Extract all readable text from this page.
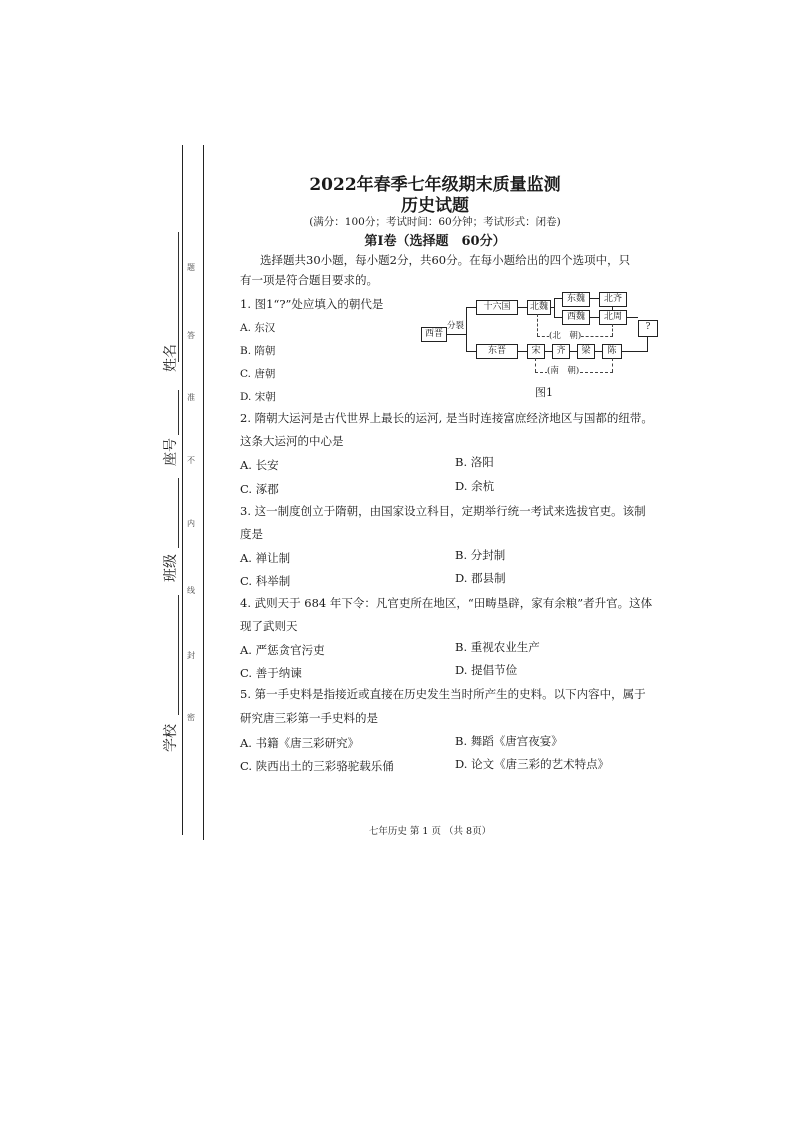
姓名
座号
班级
学校
题
答
准
不
内
线
封
密
2022年春季七年级期末质量监测
历史试题
(满分：100分；考试时间：60分钟；考试形式：闭卷)
第Ⅰ卷（选择题　60分）
选择题共30小题，每小题2分，共60分。在每小题给出的四个选项中，只
有一项是符合题目要求的。
1. 图1“?”处应填入的朝代是
A. 东汉
B. 隋朝
C. 唐朝
D. 宋朝
西晋
分裂
十六国	北魏
东魏
西魏
北齐
北周
?
(北　朝)
东晋	宋	齐	梁	陈
(南　朝)
图1
2. 隋朝大运河是古代世界上最长的运河, 是当时连接富庶经济地区与国都的纽带。
这条大运河的中心是
A. 长安	B. 洛阳
C. 涿郡	D. 余杭
3. 这一制度创立于隋朝，由国家设立科目，定期举行统一考试来选拔官吏。该制
度是
A. 禅让制	B. 分封制
C. 科举制	D. 郡县制
4. 武则天于 684 年下令：凡官吏所在地区，“田畴垦辟，家有余粮”者升官。这体
现了武则天
A. 严惩贪官污吏	B. 重视农业生产
C. 善于纳谏	D. 提倡节俭
5. 第一手史料是指接近或直接在历史发生当时所产生的史料。以下内容中，属于
研究唐三彩第一手史料的是
A. 书籍《唐三彩研究》	B. 舞蹈《唐宫夜宴》
C. 陕西出土的三彩骆驼载乐俑	D. 论文《唐三彩的艺术特点》
七年历史 第 1 页 （共 8页）
